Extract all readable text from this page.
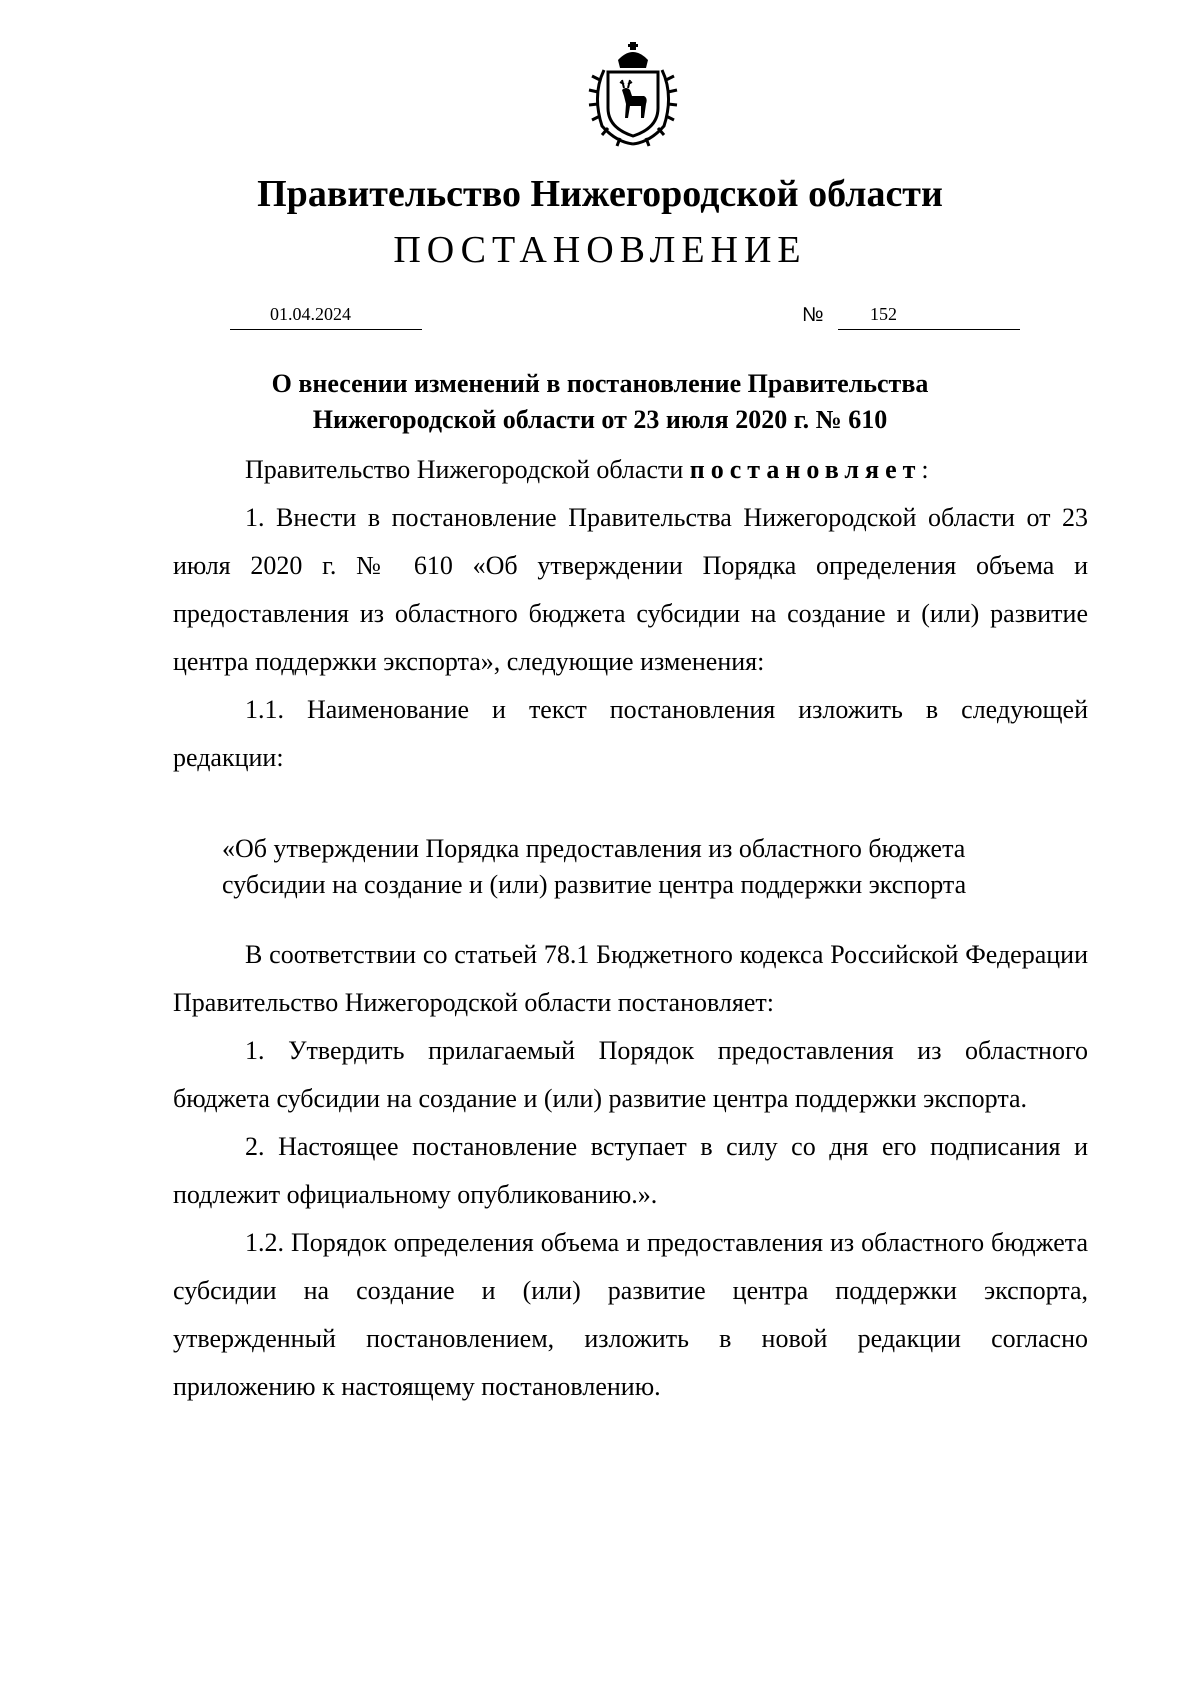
Правительство Нижегородской области
ПОСТАНОВЛЕНИЕ
01.04.2024	№	152
О внесении изменений в постановление Правительства
Нижегородской области от 23 июля 2020 г. № 610

Правительство Нижегородской области постановляет:

1. Внести в постановление Правительства Нижегородской области от 23 июля 2020 г. № 610 «Об утверждении Порядка определения объема и предоставления из областного бюджета субсидии на создание и (или) развитие центра поддержки экспорта», следующие изменения:

1.1. Наименование и текст постановления изложить в следующей редакции:

«Об утверждении Порядка предоставления из областного бюджета
субсидии на создание и (или) развитие центра поддержки экспорта

В соответствии со статьей 78.1 Бюджетного кодекса Российской Федерации Правительство Нижегородской области постановляет:

1. Утвердить прилагаемый Порядок предоставления из областного бюджета субсидии на создание и (или) развитие центра поддержки экспорта.

2. Настоящее постановление вступает в силу со дня его подписания и подлежит официальному опубликованию.».

1.2. Порядок определения объема и предоставления из областного бюджета субсидии на создание и (или) развитие центра поддержки экспорта, утвержденный постановлением, изложить в новой редакции согласно приложению к настоящему постановлению.
